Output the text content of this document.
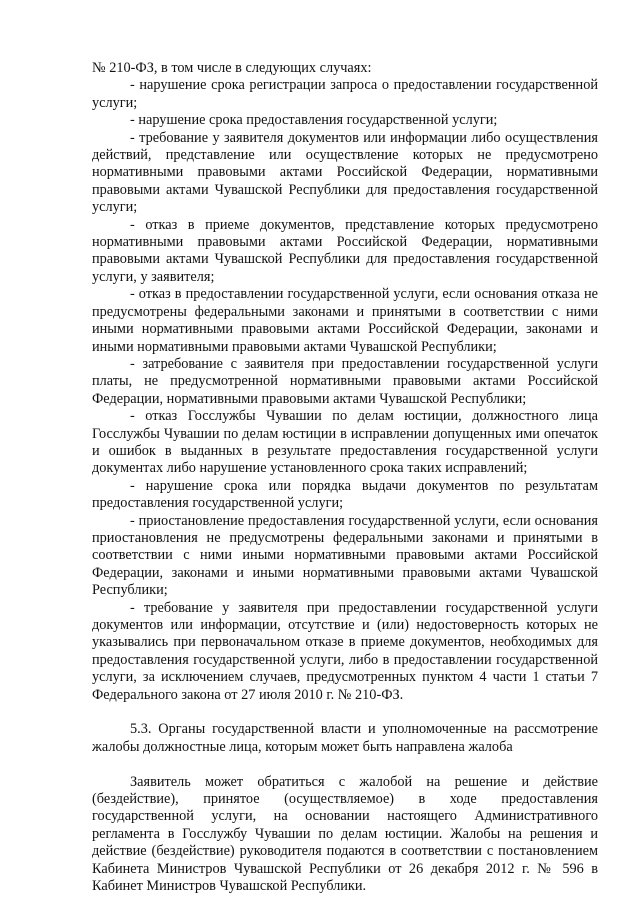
№ 210-ФЗ, в том числе в следующих случаях:

- нарушение срока регистрации запроса о предоставлении государственной услуги;

- нарушение срока предоставления государственной услуги;

- требование у заявителя документов или информации либо осуществления действий, представление или осуществление которых не предусмотрено нормативными правовыми актами Российской Федерации, нормативными правовыми актами Чувашской Республики для предоставления государственной услуги;

- отказ в приеме документов, представление которых предусмотрено нормативными правовыми актами Российской Федерации, нормативными правовыми актами Чувашской Республики для предоставления государственной услуги, у заявителя;

- отказ в предоставлении государственной услуги, если основания отказа не предусмотрены федеральными законами и принятыми в соответствии с ними иными нормативными правовыми актами Российской Федерации, законами и иными нормативными правовыми актами Чувашской Республики;

- затребование с заявителя при предоставлении государственной услуги платы, не предусмотренной нормативными правовыми актами Российской Федерации, нормативными правовыми актами Чувашской Республики;

- отказ Госслужбы Чувашии по делам юстиции, должностного лица Госслужбы Чувашии по делам юстиции в исправлении допущенных ими опечаток и ошибок в выданных в результате предоставления государственной услуги документах либо нарушение установленного срока таких исправлений;

- нарушение срока или порядка выдачи документов по результатам предоставления государственной услуги;

- приостановление предоставления государственной услуги, если основания приостановления не предусмотрены федеральными законами и принятыми в соответствии с ними иными нормативными правовыми актами Российской Федерации, законами и иными нормативными правовыми актами Чувашской Республики;

- требование у заявителя при предоставлении государственной услуги документов или информации, отсутствие и (или) недостоверность которых не указывались при первоначальном отказе в приеме документов, необходимых для предоставления государственной услуги, либо в предоставлении государственной услуги, за исключением случаев, предусмотренных пунктом 4 части 1 статьи 7 Федерального закона от 27 июля 2010 г. № 210-ФЗ.

5.3. Органы государственной власти и уполномоченные на рассмотрение жалобы должностные лица, которым может быть направлена жалоба

Заявитель может обратиться с жалобой на решение и действие (бездействие), принятое (осуществляемое) в ходе предоставления государственной услуги, на основании настоящего Административного регламента в Госслужбу Чувашии по делам юстиции. Жалобы на решения и действие (бездействие) руководителя подаются в соответствии с постановлением Кабинета Министров Чувашской Республики от 26 декабря 2012 г. № 596 в Кабинет Министров Чувашской Республики.
